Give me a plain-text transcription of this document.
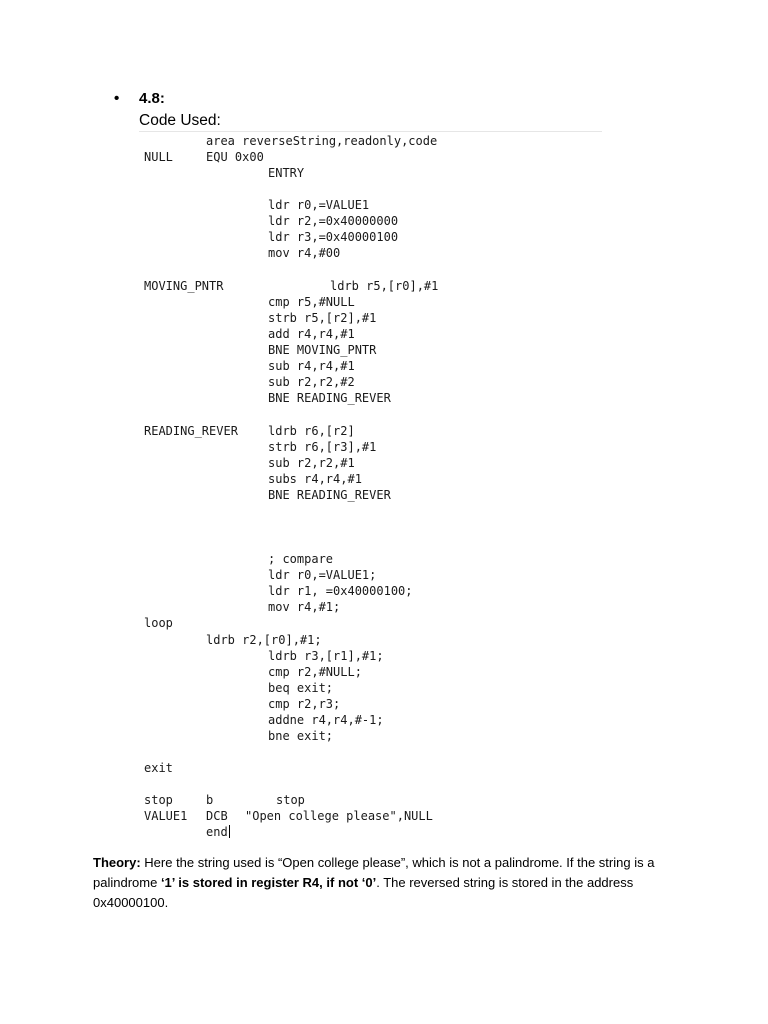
• 4.8:
Code Used:
area reverseString,readonly,code
NULL	EQU 0x00
ENTRY
ldr r0,=VALUE1
ldr r2,=0x40000000
ldr r3,=0x40000100
mov r4,#00
MOVING_PNTR	ldrb r5,[r0],#1
cmp r5,#NULL
strb r5,[r2],#1
add r4,r4,#1
BNE MOVING_PNTR
sub r4,r4,#1
sub r2,r2,#2
BNE READING_REVER
READING_REVER	ldrb r6,[r2]
strb r6,[r3],#1
sub r2,r2,#1
subs r4,r4,#1
BNE READING_REVER
; compare
ldr r0,=VALUE1;
ldr r1, =0x40000100;
mov r4,#1;
loop
ldrb r2,[r0],#1;
ldrb r3,[r1],#1;
cmp r2,#NULL;
beq exit;
cmp r2,r3;
addne r4,r4,#-1;
bne exit;
exit
stop	b	stop
VALUE1 DCB "Open college please",NULL
end
Theory: Here the string used is “Open college please”, which is not a palindrome. If the string is a palindrome ‘1’ is stored in register R4, if not ‘0’. The reversed string is stored in the address 0x40000100.
